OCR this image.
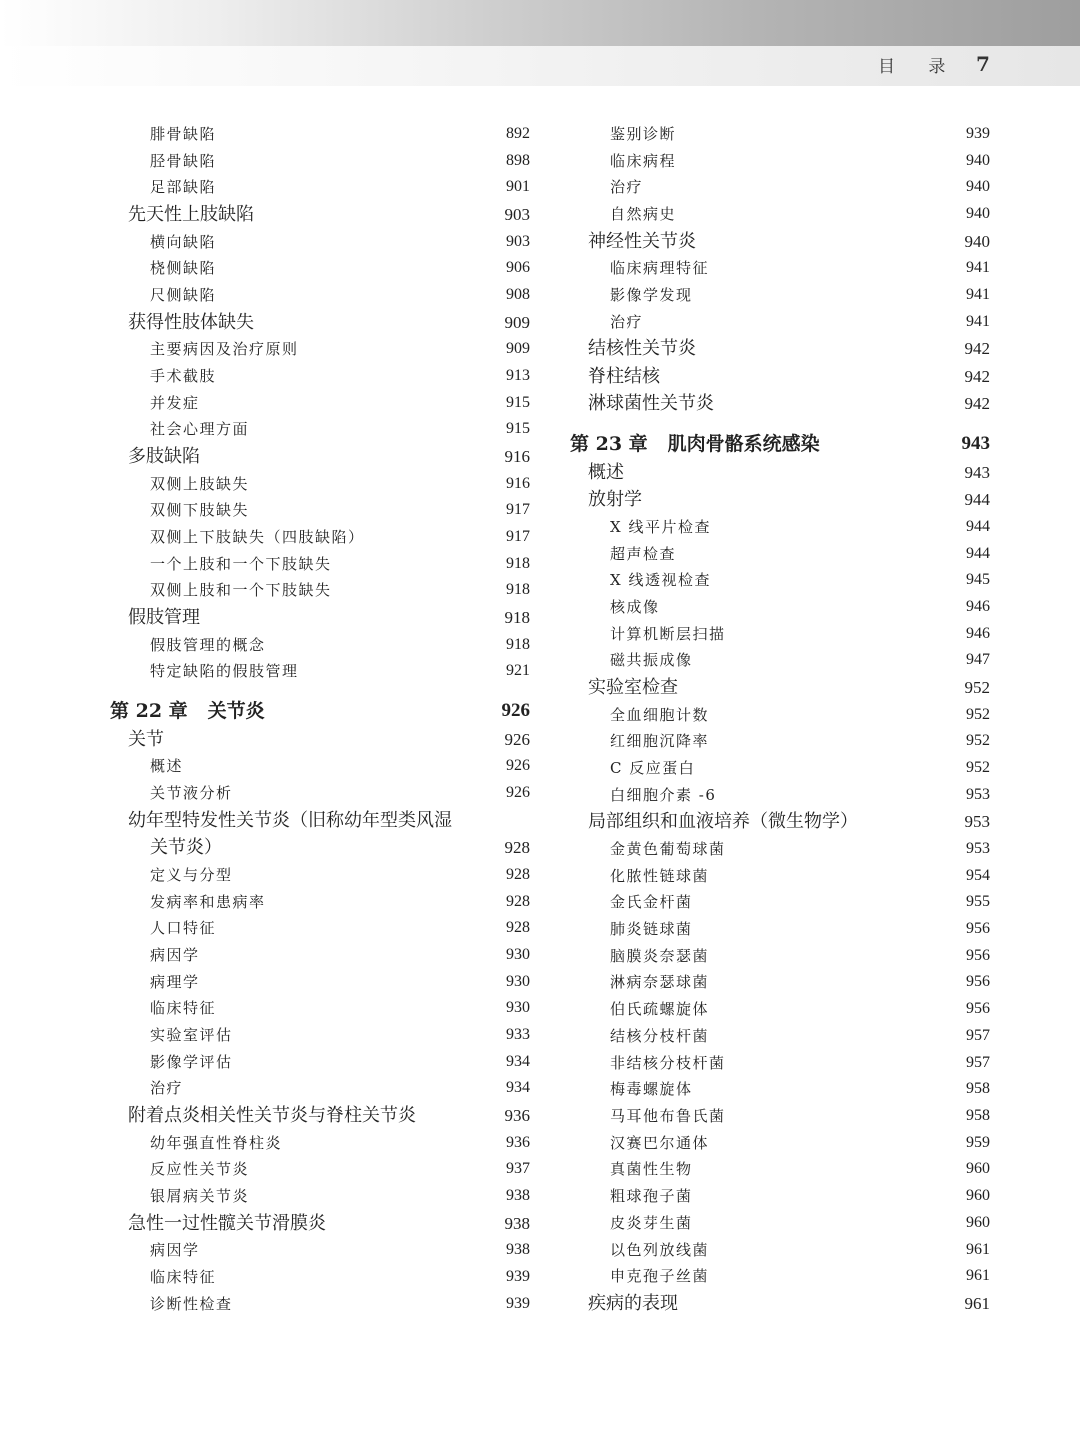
目 录 7
腓骨缺陷	892
胫骨缺陷	898
足部缺陷	901
先天性上肢缺陷	903
横向缺陷	903
桡侧缺陷	906
尺侧缺陷	908
获得性肢体缺失	909
主要病因及治疗原则	909
手术截肢	913
并发症	915
社会心理方面	915
多肢缺陷	916
双侧上肢缺失	916
双侧下肢缺失	917
双侧上下肢缺失（四肢缺陷）	917
一个上肢和一个下肢缺失	918
双侧上肢和一个下肢缺失	918
假肢管理	918
假肢管理的概念	918
特定缺陷的假肢管理	921
第 22 章 关节炎	926
关节	926
概述	926
关节液分析	926
幼年型特发性关节炎（旧称幼年型类风湿
关节炎）	928
定义与分型	928
发病率和患病率	928
人口特征	928
病因学	930
病理学	930
临床特征	930
实验室评估	933
影像学评估	934
治疗	934
附着点炎相关性关节炎与脊柱关节炎	936
幼年强直性脊柱炎	936
反应性关节炎	937
银屑病关节炎	938
急性一过性髋关节滑膜炎	938
病因学	938
临床特征	939
诊断性检查	939
鉴别诊断	939
临床病程	940
治疗	940
自然病史	940
神经性关节炎	940
临床病理特征	941
影像学发现	941
治疗	941
结核性关节炎	942
脊柱结核	942
淋球菌性关节炎	942
第 23 章 肌肉骨骼系统感染	943
概述	943
放射学	944
X 线平片检查	944
超声检查	944
X 线透视检查	945
核成像	946
计算机断层扫描	946
磁共振成像	947
实验室检查	952
全血细胞计数	952
红细胞沉降率	952
C 反应蛋白	952
白细胞介素 -6	953
局部组织和血液培养（微生物学）	953
金黄色葡萄球菌	953
化脓性链球菌	954
金氏金杆菌	955
肺炎链球菌	956
脑膜炎奈瑟菌	956
淋病奈瑟球菌	956
伯氏疏螺旋体	956
结核分枝杆菌	957
非结核分枝杆菌	957
梅毒螺旋体	958
马耳他布鲁氏菌	958
汉赛巴尔通体	959
真菌性生物	960
粗球孢子菌	960
皮炎芽生菌	960
以色列放线菌	961
申克孢子丝菌	961
疾病的表现	961
